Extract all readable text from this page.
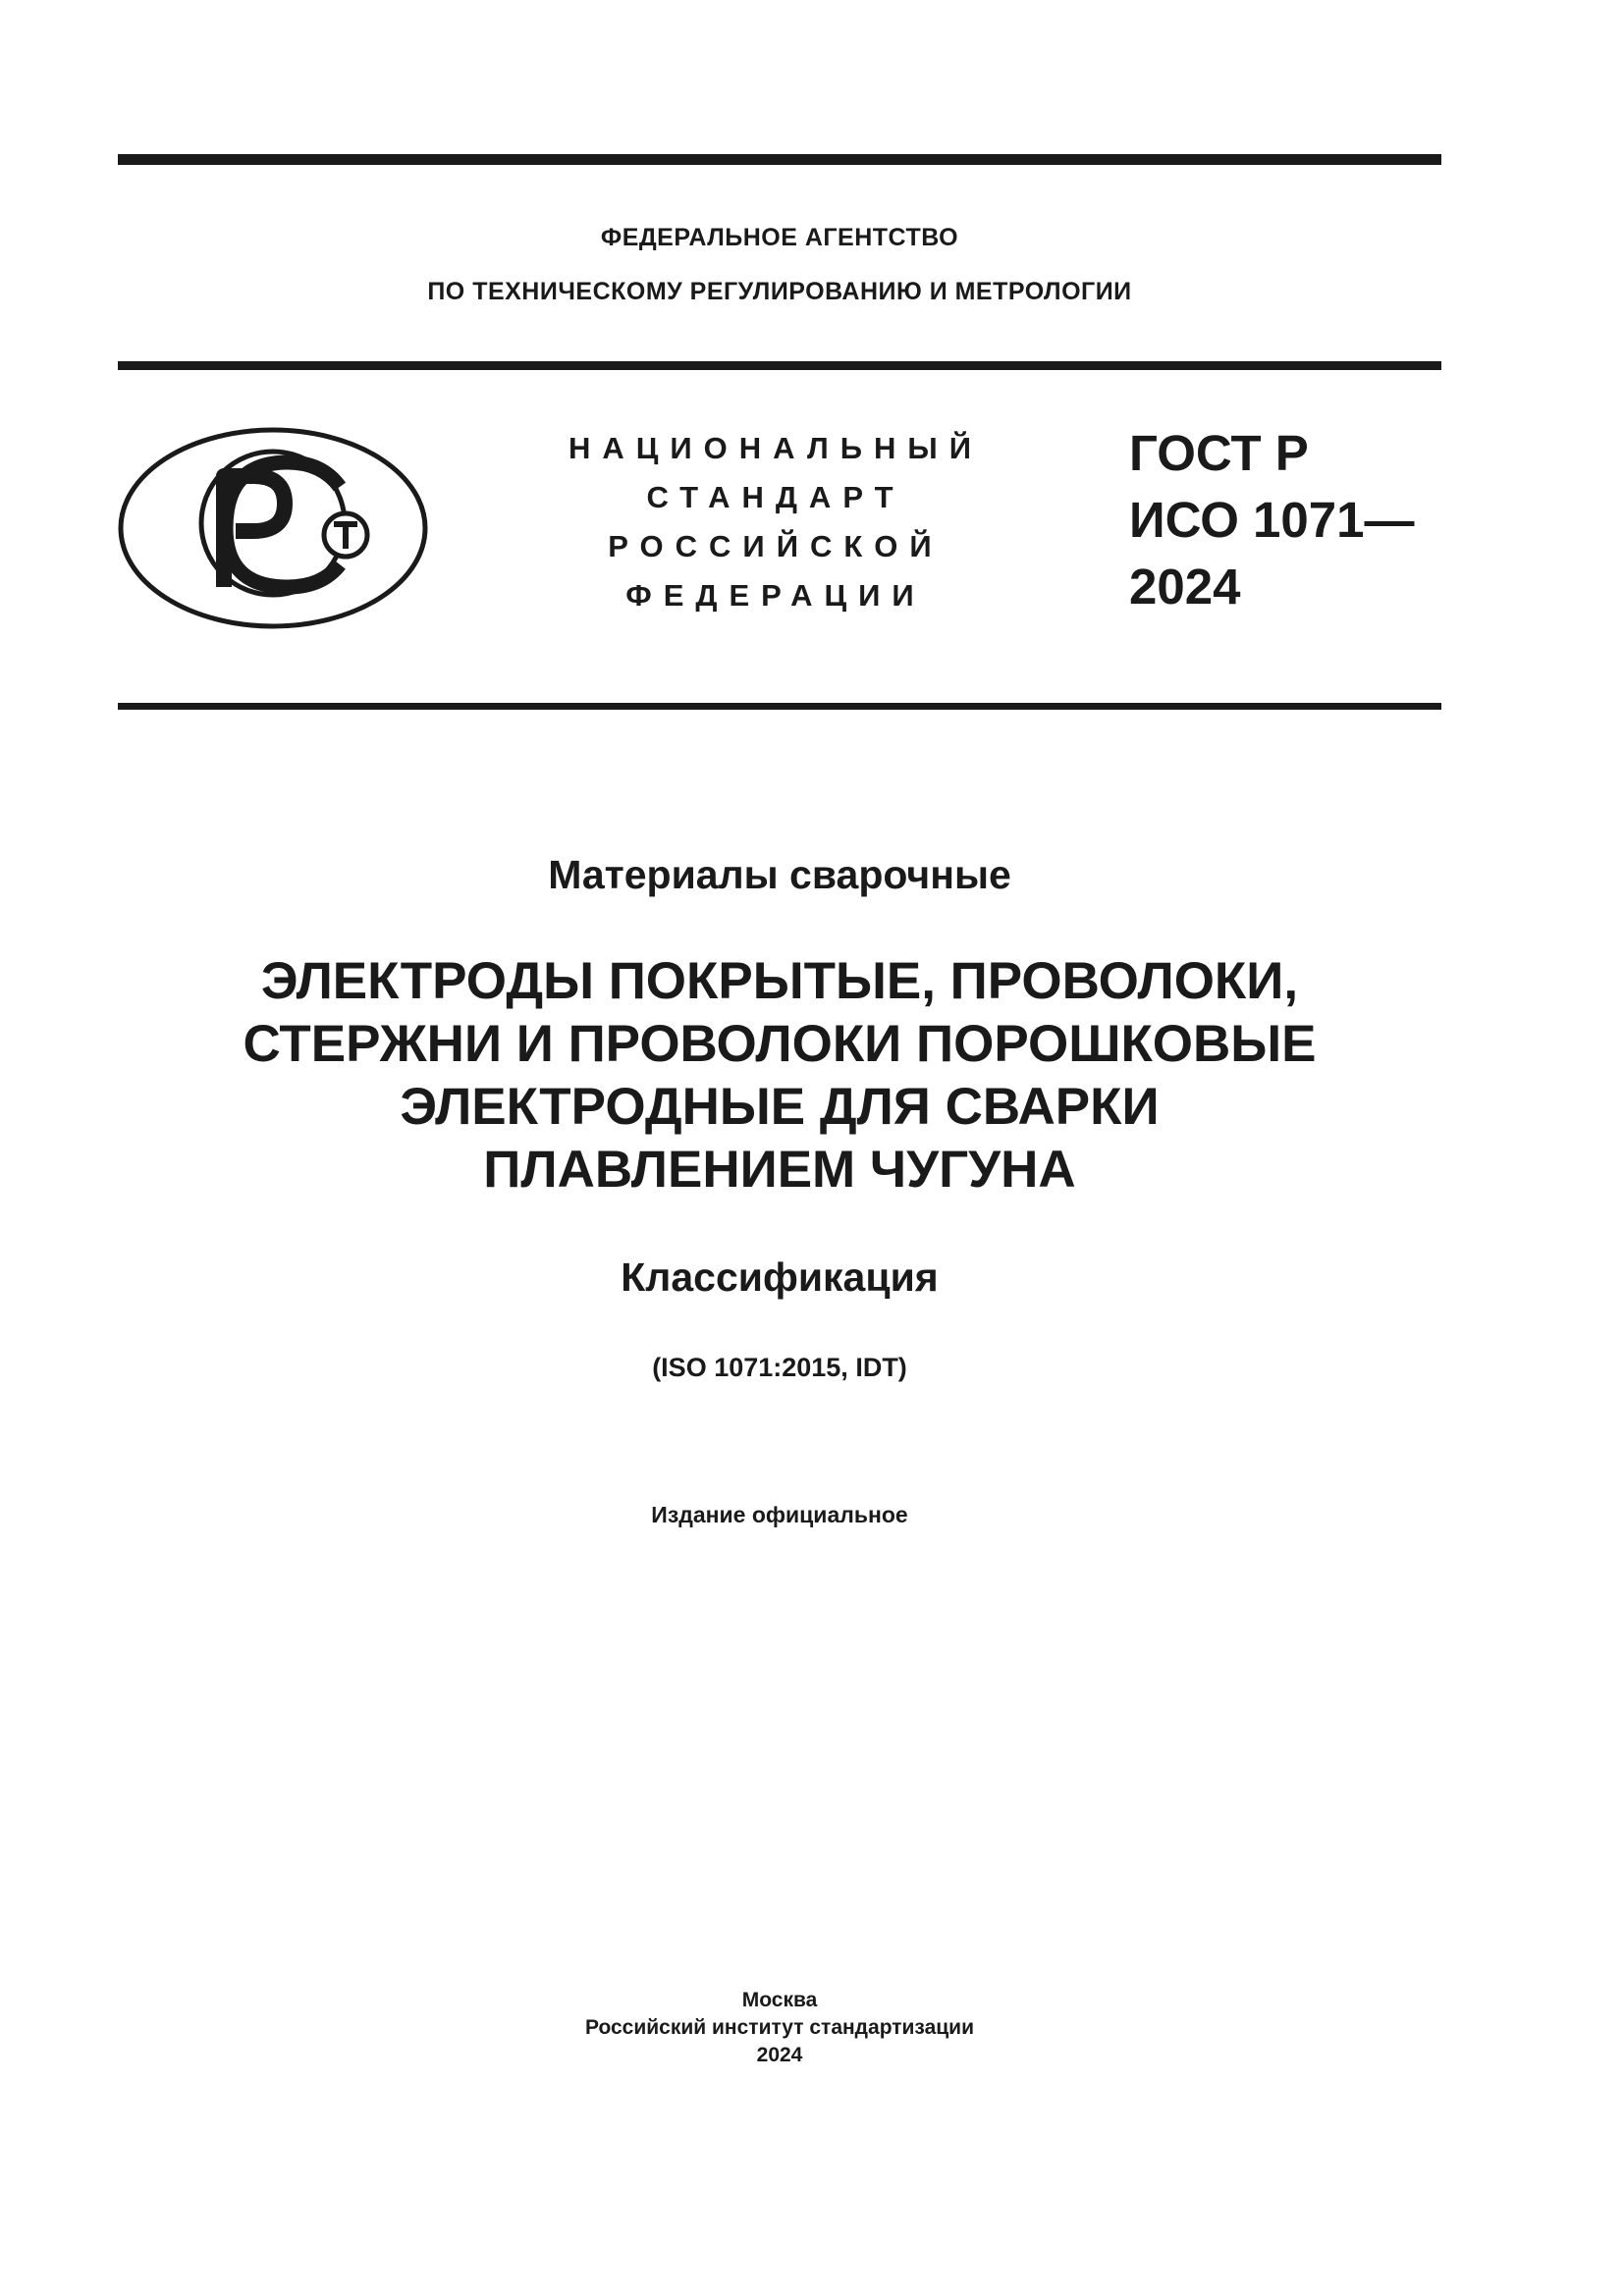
ФЕДЕРАЛЬНОЕ АГЕНТСТВО
ПО ТЕХНИЧЕСКОМУ РЕГУЛИРОВАНИЮ И МЕТРОЛОГИИ
НАЦИОНАЛЬНЫЙ
СТАНДАРТ
РОССИЙСКОЙ
ФЕДЕРАЦИИ
ГОСТ Р
ИСО 1071—
2024
Материалы сварочные
ЭЛЕКТРОДЫ ПОКРЫТЫЕ, ПРОВОЛОКИ,
СТЕРЖНИ И ПРОВОЛОКИ ПОРОШКОВЫЕ
ЭЛЕКТРОДНЫЕ ДЛЯ СВАРКИ
ПЛАВЛЕНИЕМ ЧУГУНА
Классификация
(ISO 1071:2015, IDT)
Издание официальное
Москва
Российский институт стандартизации
2024
